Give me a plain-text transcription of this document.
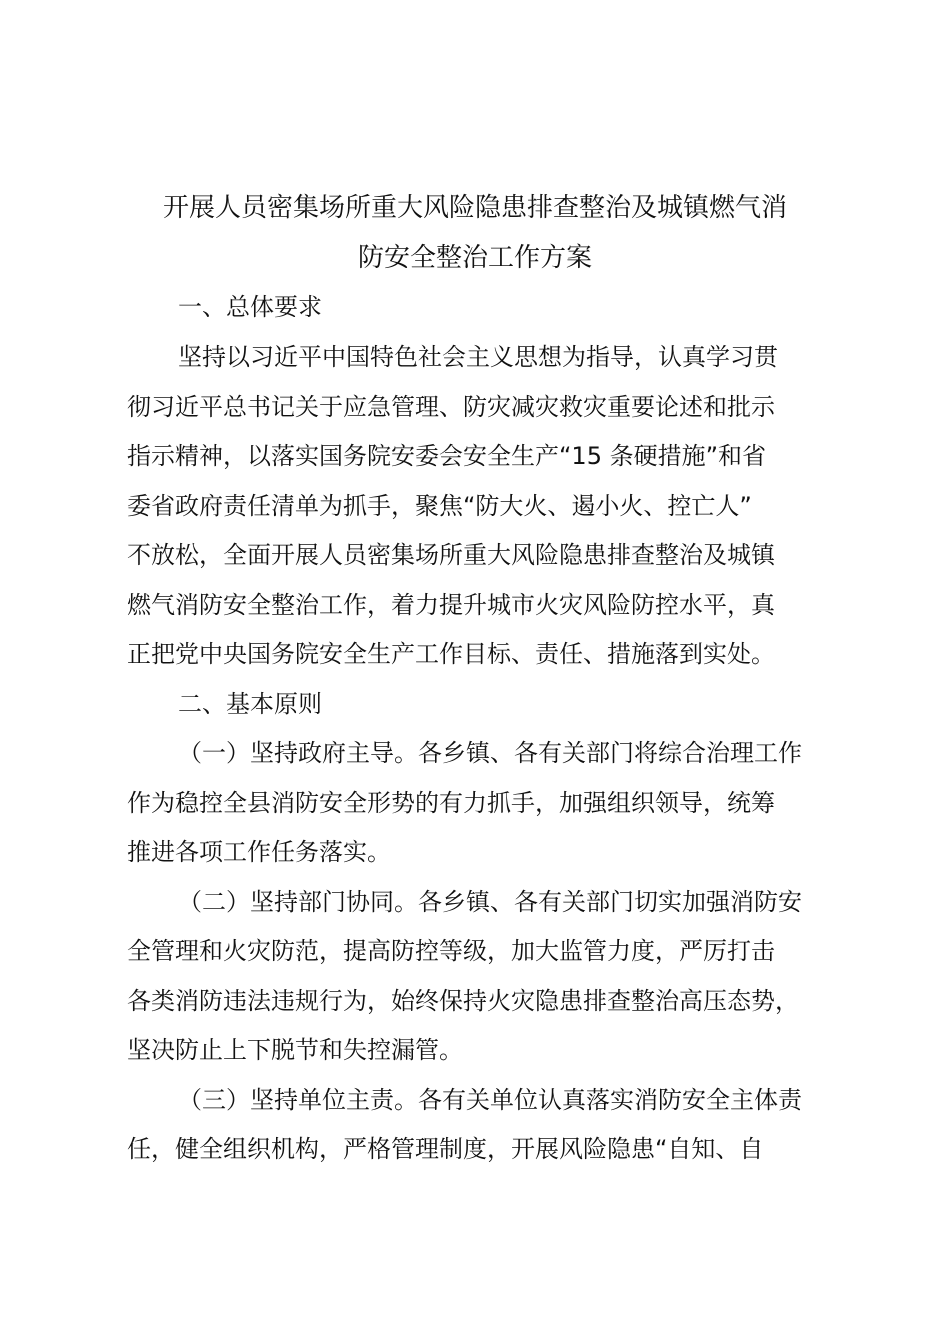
开展人员密集场所重大风险隐患排查整治及城镇燃气消
防安全整治工作方案

一、总体要求

坚持以习近平中国特色社会主义思想为指导，认真学习贯

彻习近平总书记关于应急管理、防灾减灾救灾重要论述和批示

指示精神，以落实国务院安委会安全生产“15 条硬措施”和省

委省政府责任清单为抓手，聚焦“防大火、遏小火、控亡人”

不放松，全面开展人员密集场所重大风险隐患排查整治及城镇

燃气消防安全整治工作，着力提升城市火灾风险防控水平，真

正把党中央国务院安全生产工作目标、责任、措施落到实处。

二、基本原则

（一）坚持政府主导。各乡镇、各有关部门将综合治理工作

作为稳控全县消防安全形势的有力抓手，加强组织领导，统筹

推进各项工作任务落实。

（二）坚持部门协同。各乡镇、各有关部门切实加强消防安

全管理和火灾防范，提高防控等级，加大监管力度，严厉打击

各类消防违法违规行为，始终保持火灾隐患排查整治高压态势，

坚决防止上下脱节和失控漏管。

（三）坚持单位主责。各有关单位认真落实消防安全主体责

任，健全组织机构，严格管理制度，开展风险隐患“自知、自
